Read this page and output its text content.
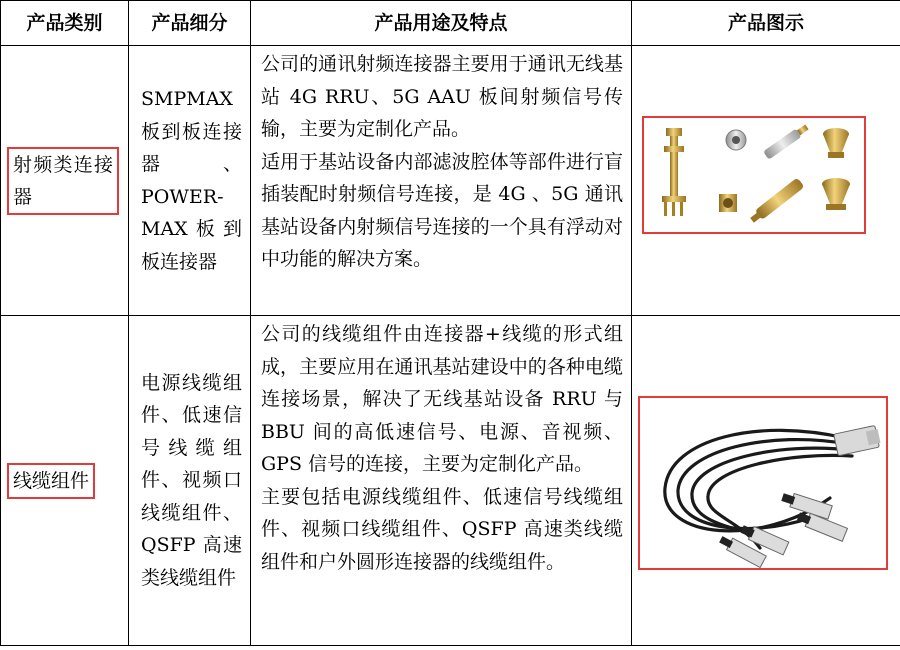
产品类别	产品细分	产品用途及特点	产品图示
射频类连接器	SMPMAX板到板连接器、POWER-MAX板到板连接器	公司的通讯射频连接器主要用于通讯无线基站 4G RRU、5G AAU 板间射频信号传输，主要为定制化产品。

适用于基站设备内部滤波腔体等部件进行盲插装配时射频信号连接，是 4G 、5G 通讯基站设备内射频信号连接的一个具有浮动对中功能的解决方案。

线缆组件	电源线缆组件、低速信号线缆组件、视频口线缆组件、QSFP 高速类线缆组件	公司的线缆组件由连接器+线缆的形式组成，主要应用在通讯基站建设中的各种电缆连接场景，解决了无线基站设备 RRU 与 BBU 间的高低速信号、电源、音视频、GPS 信号的连接，主要为定制化产品。

主要包括电源线缆组件、低速信号线缆组件、视频口线缆组件、QSFP 高速类线缆组件和户外圆形连接器的线缆组件。
